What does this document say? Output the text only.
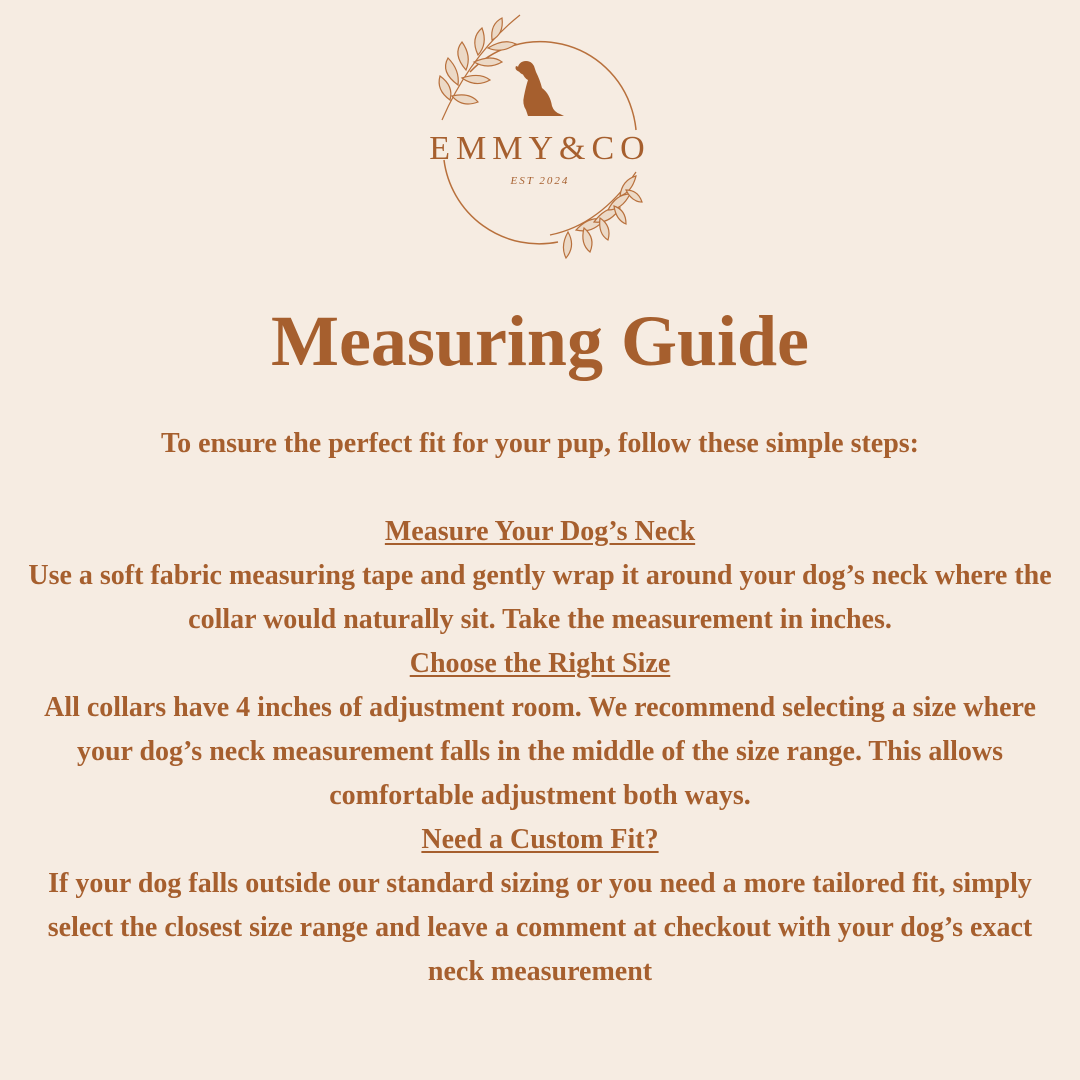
EMMY&CO
EST 2024
Measuring Guide

To ensure the perfect fit for your pup, follow these simple steps:

Measure Your Dog’s Neck

Use a soft fabric measuring tape and gently wrap it around your dog’s neck where the collar would naturally sit. Take the measurement in inches.

Choose the Right Size

All collars have 4 inches of adjustment room. We recommend selecting a size where your dog’s neck measurement falls in the middle of the size range. This allows comfortable adjustment both ways.

Need a Custom Fit?

If your dog falls outside our standard sizing or you need a more tailored fit, simply select the closest size range and leave a comment at checkout with your dog’s exact neck measurement
